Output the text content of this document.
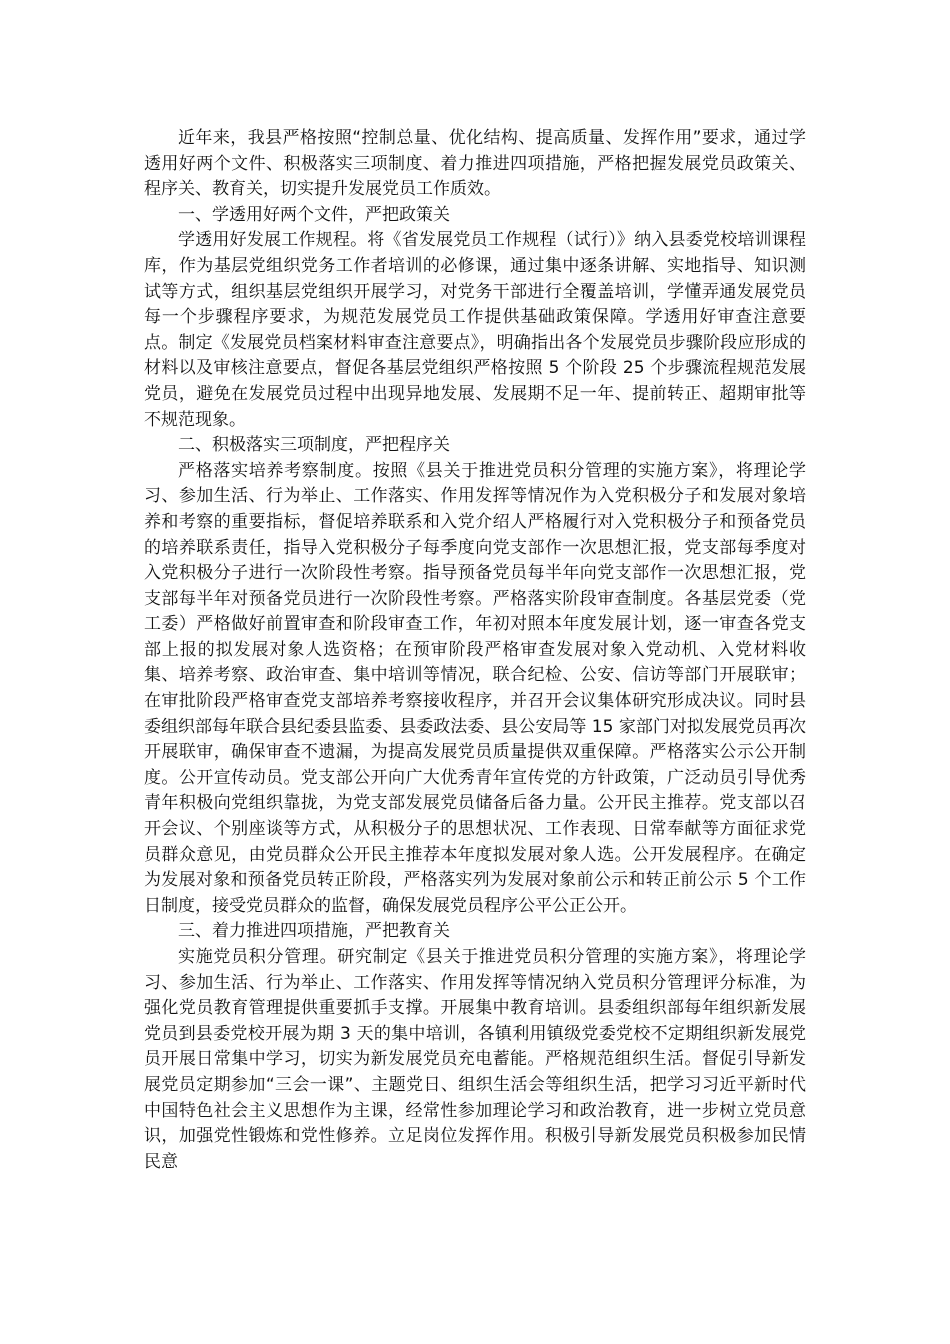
近年来，我县严格按照“控制总量、优化结构、提高质量、发挥作用”要求，通过学透用好两个文件、积极落实三项制度、着力推进四项措施，严格把握发展党员政策关、程序关、教育关，切实提升发展党员工作质效。

一、学透用好两个文件，严把政策关

学透用好发展工作规程。将《省发展党员工作规程（试行）》纳入县委党校培训课程库，作为基层党组织党务工作者培训的必修课，通过集中逐条讲解、实地指导、知识测试等方式，组织基层党组织开展学习，对党务干部进行全覆盖培训，学懂弄通发展党员每一个步骤程序要求，为规范发展党员工作提供基础政策保障。学透用好审查注意要点。制定《发展党员档案材料审查注意要点》，明确指出各个发展党员步骤阶段应形成的材料以及审核注意要点，督促各基层党组织严格按照 5 个阶段 25 个步骤流程规范发展党员，避免在发展党员过程中出现异地发展、发展期不足一年、提前转正、超期审批等不规范现象。

二、积极落实三项制度，严把程序关

严格落实培养考察制度。按照《县关于推进党员积分管理的实施方案》，将理论学习、参加生活、行为举止、工作落实、作用发挥等情况作为入党积极分子和发展对象培养和考察的重要指标，督促培养联系和入党介绍人严格履行对入党积极分子和预备党员的培养联系责任，指导入党积极分子每季度向党支部作一次思想汇报，党支部每季度对入党积极分子进行一次阶段性考察。指导预备党员每半年向党支部作一次思想汇报，党支部每半年对预备党员进行一次阶段性考察。严格落实阶段审查制度。各基层党委（党工委）严格做好前置审查和阶段审查工作，年初对照本年度发展计划，逐一审查各党支部上报的拟发展对象人选资格；在预审阶段严格审查发展对象入党动机、入党材料收集、培养考察、政治审查、集中培训等情况，联合纪检、公安、信访等部门开展联审；在审批阶段严格审查党支部培养考察接收程序，并召开会议集体研究形成决议。同时县委组织部每年联合县纪委县监委、县委政法委、县公安局等 15 家部门对拟发展党员再次开展联审，确保审查不遗漏，为提高发展党员质量提供双重保障。严格落实公示公开制度。公开宣传动员。党支部公开向广大优秀青年宣传党的方针政策，广泛动员引导优秀青年积极向党组织靠拢，为党支部发展党员储备后备力量。公开民主推荐。党支部以召开会议、个别座谈等方式，从积极分子的思想状况、工作表现、日常奉献等方面征求党员群众意见，由党员群众公开民主推荐本年度拟发展对象人选。公开发展程序。在确定为发展对象和预备党员转正阶段，严格落实列为发展对象前公示和转正前公示 5 个工作日制度，接受党员群众的监督，确保发展党员程序公平公正公开。

三、着力推进四项措施，严把教育关

实施党员积分管理。研究制定《县关于推进党员积分管理的实施方案》，将理论学习、参加生活、行为举止、工作落实、作用发挥等情况纳入党员积分管理评分标准，为强化党员教育管理提供重要抓手支撑。开展集中教育培训。县委组织部每年组织新发展党员到县委党校开展为期 3 天的集中培训，各镇利用镇级党委党校不定期组织新发展党员开展日常集中学习，切实为新发展党员充电蓄能。严格规范组织生活。督促引导新发展党员定期参加“三会一课”、主题党日、组织生活会等组织生活，把学习习近平新时代中国特色社会主义思想作为主课，经常性参加理论学习和政治教育，进一步树立党员意识，加强党性锻炼和党性修养。立足岗位发挥作用。积极引导新发展党员积极参加民情民意
